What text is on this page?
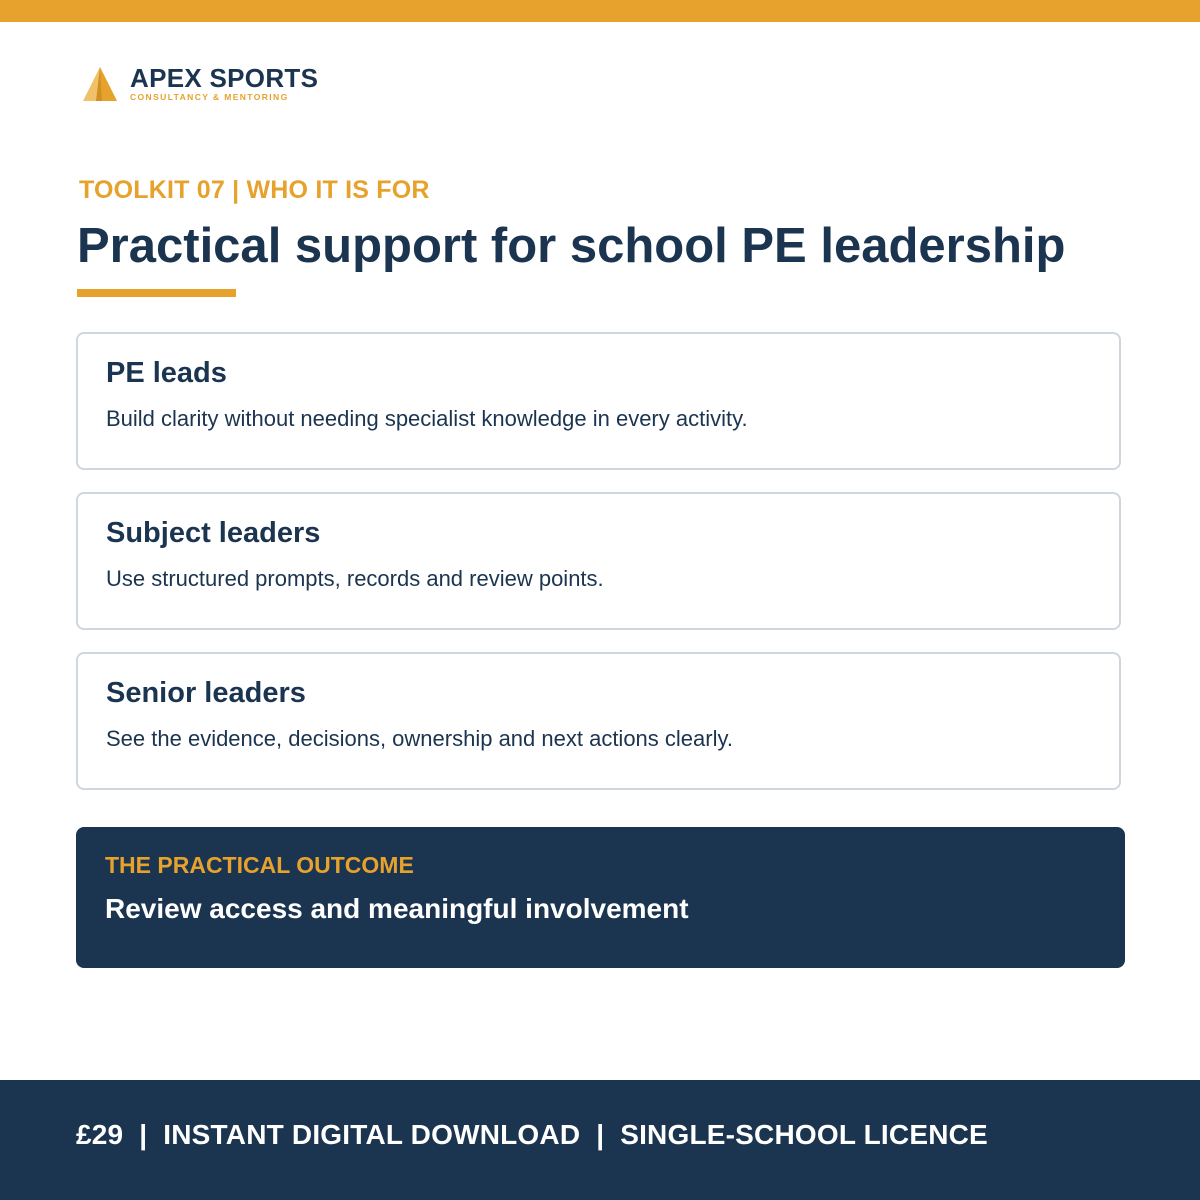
APEX SPORTS
CONSULTANCY & MENTORING
TOOLKIT 07 | WHO IT IS FOR
Practical support for school PE leadership
PE leads
Build clarity without needing specialist knowledge in every activity.
Subject leaders
Use structured prompts, records and review points.
Senior leaders
See the evidence, decisions, ownership and next actions clearly.
THE PRACTICAL OUTCOME
Review access and meaningful involvement
£29  |  INSTANT DIGITAL DOWNLOAD  |  SINGLE-SCHOOL LICENCE
